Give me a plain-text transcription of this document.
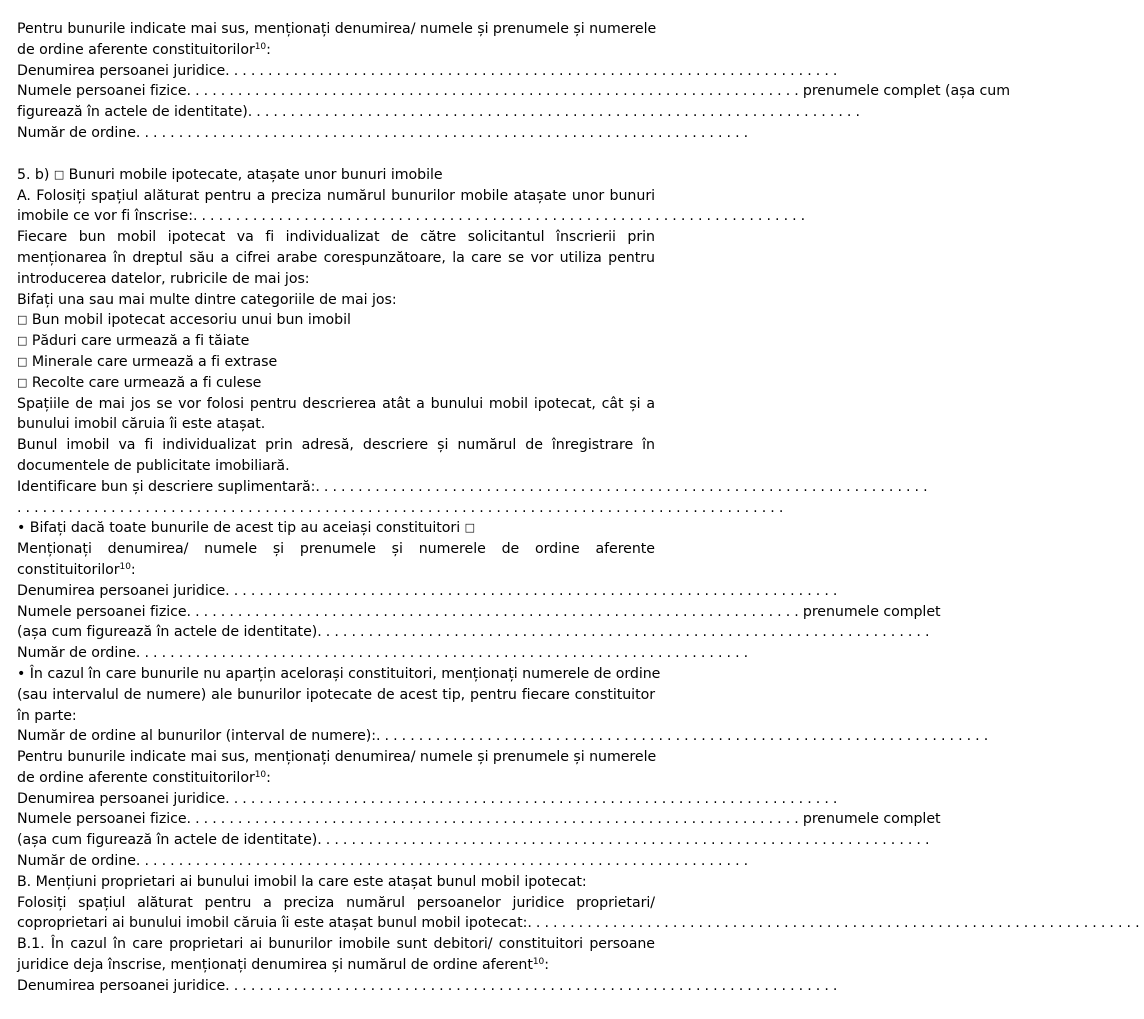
Pentru bunurile indicate mai sus, menționați denumirea/ numele și prenumele și numerele
de ordine aferente constituitorilor$^{10}$:
Denumirea persoanei juridice ........................................................................
Numele persoanei fizice ........................................................................ prenumele complet (așa cum
figurează în actele de identitate) ........................................................................
Număr de ordine ........................................................................
5. b) □ Bunuri mobile ipotecate, atașate unor bunuri imobile
A. Folosiți spațiul alăturat pentru a preciza numărul bunurilor mobile atașate unor bunuri
imobile ce vor fi înscrise: ........................................................................
Fiecare bun mobil ipotecat va fi individualizat de către solicitantul înscrierii prin
menționarea în dreptul său a cifrei arabe corespunzătoare, la care se vor utiliza pentru
introducerea datelor, rubricile de mai jos:
Bifați una sau mai multe dintre categoriile de mai jos:
□ Bun mobil ipotecat accesoriu unui bun imobil
□ Păduri care urmează a fi tăiate
□ Minerale care urmează a fi extrase
□ Recolte care urmează a fi culese
Spațiile de mai jos se vor folosi pentru descrierea atât a bunului mobil ipotecat, cât și a
bunului imobil căruia îi este atașat.
Bunul imobil va fi individualizat prin adresă, descriere și numărul de înregistrare în
documentele de publicitate imobiliară.
Identificare bun și descriere suplimentară: ........................................................................
..........................................................................................
• Bifați dacă toate bunurile de acest tip au aceiași constituitori □
Menționați denumirea/ numele și prenumele și numerele de ordine aferente
constituitorilor$^{10}$:
Denumirea persoanei juridice ........................................................................
Numele persoanei fizice ........................................................................ prenumele complet
(așa cum figurează în actele de identitate) ........................................................................
Număr de ordine ........................................................................
• În cazul în care bunurile nu aparțin acelorași constituitori, menționați numerele de ordine
(sau intervalul de numere) ale bunurilor ipotecate de acest tip, pentru fiecare constituitor
în parte:
Număr de ordine al bunurilor (interval de numere): ........................................................................
Pentru bunurile indicate mai sus, menționați denumirea/ numele și prenumele și numerele
de ordine aferente constituitorilor$^{10}$:
Denumirea persoanei juridice ........................................................................
Numele persoanei fizice ........................................................................ prenumele complet
(așa cum figurează în actele de identitate) ........................................................................
Număr de ordine ........................................................................
B. Mențiuni proprietari ai bunului imobil la care este atașat bunul mobil ipotecat:
Folosiți spațiul alăturat pentru a preciza numărul persoanelor juridice proprietari/
coproprietari ai bunului imobil căruia îi este atașat bunul mobil ipotecat: ........................................................................
B.1. În cazul în care proprietari ai bunurilor imobile sunt debitori/ constituitori persoane
juridice deja înscrise, menționați denumirea și numărul de ordine aferent$^{10}$:
Denumirea persoanei juridice ........................................................................
